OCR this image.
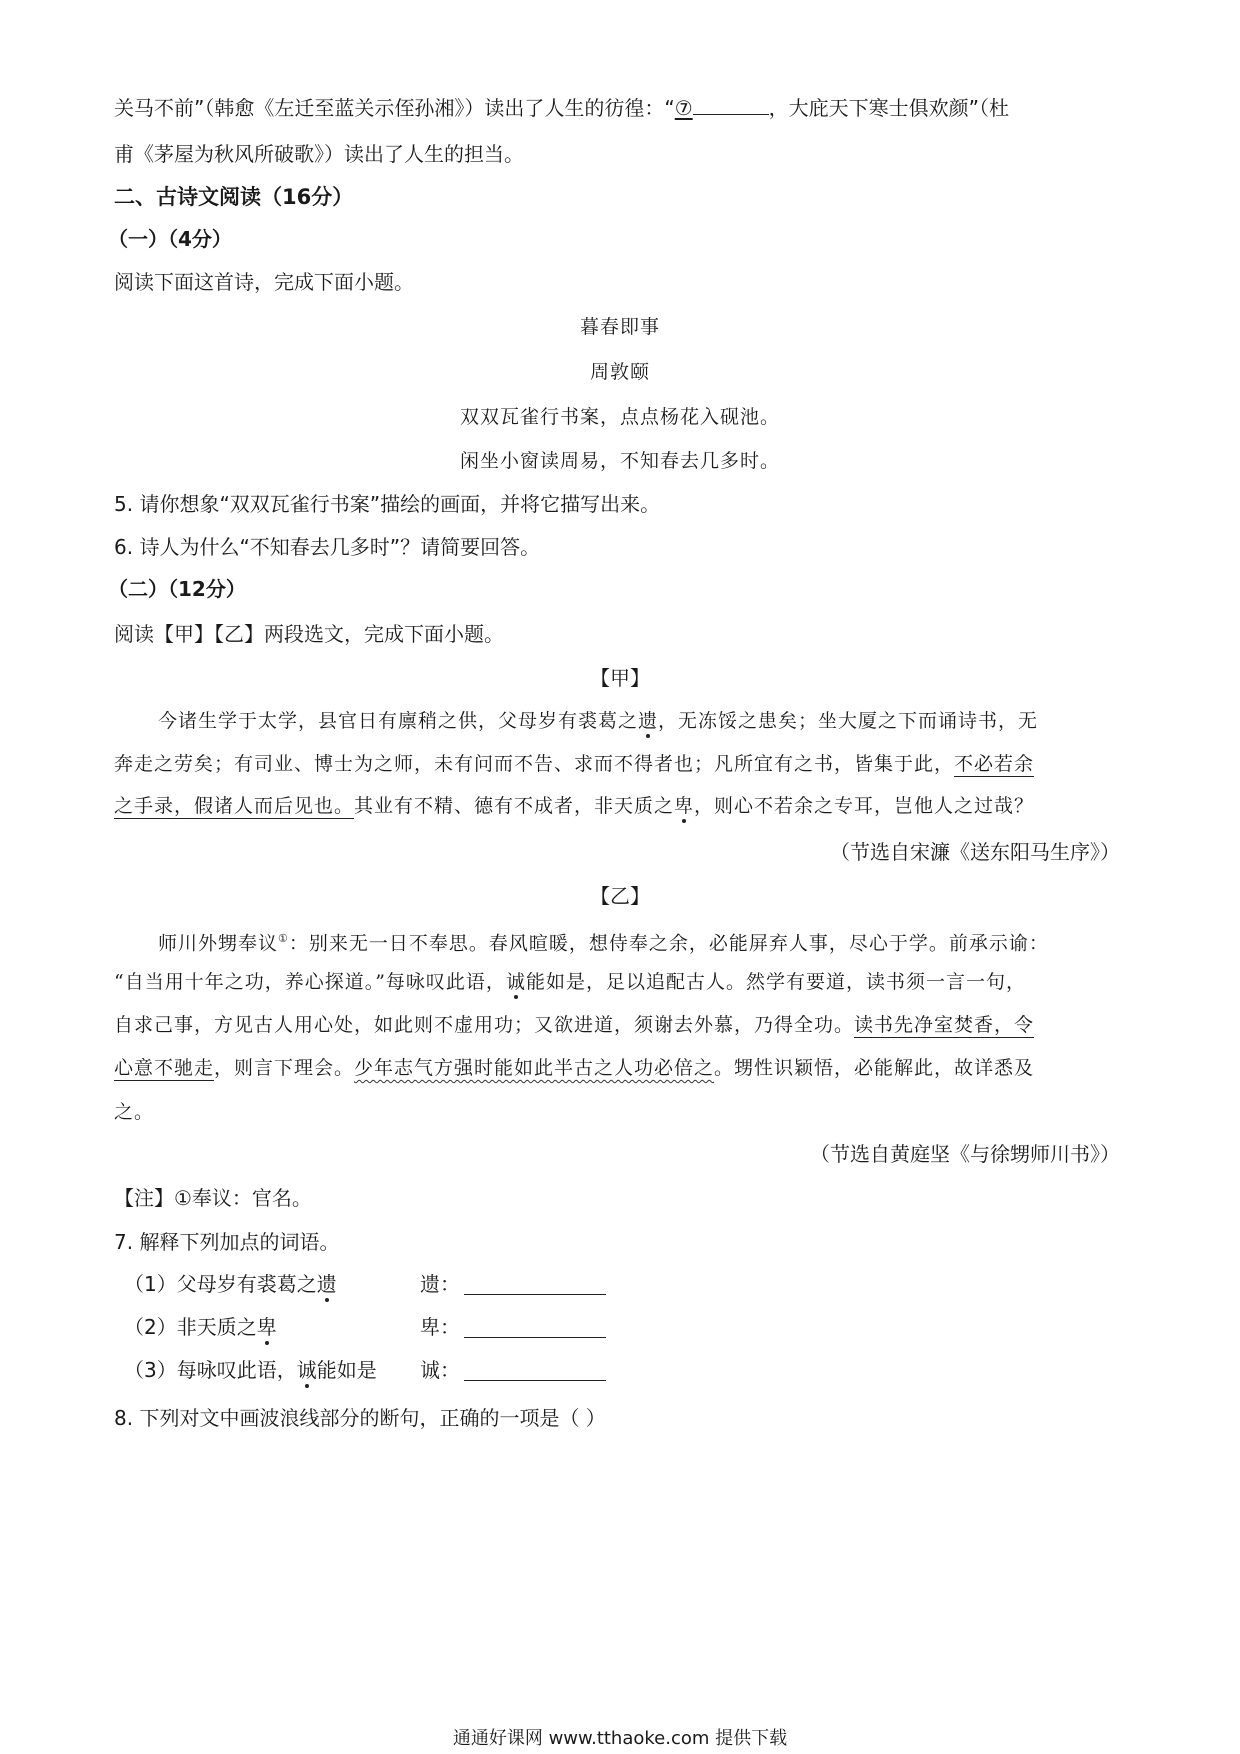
关马不前”（韩愈《左迁至蓝关示侄孙湘》）读出了人生的彷徨：“⑦	，大庇天下寒士俱欢颜”（杜
甫《茅屋为秋风所破歌》）读出了人生的担当。
二、古诗文阅读（16分）
（一）（4分）
阅读下面这首诗，完成下面小题。
暮春即事
周敦颐
双双瓦雀行书案，点点杨花入砚池。
闲坐小窗读周易，不知春去几多时。
5. 请你想象“双双瓦雀行书案”描绘的画面，并将它描写出来。
6. 诗人为什么“不知春去几多时”？请简要回答。
（二）（12分）
阅读【甲】【乙】两段选文，完成下面小题。
【甲】
今诸生学于太学，县官日有廪稍之供，父母岁有裘葛之遗，无冻馁之患矣；坐大厦之下而诵诗书，无
奔走之劳矣；有司业、博士为之师，未有问而不告、求而不得者也；凡所宜有之书，皆集于此，不必若余
之手录，假诸人而后见也。其业有不精、德有不成者，非天质之卑，则心不若余之专耳，岂他人之过哉？
（节选自宋濂《送东阳马生序》）
【乙】
师川外甥奉议①：别来无一日不奉思。春风暄暖，想侍奉之余，必能屏弃人事，尽心于学。前承示谕：
“自当用十年之功，养心探道。”每咏叹此语，诚能如是，足以追配古人。然学有要道，读书须一言一句，
自求己事，方见古人用心处，如此则不虚用功；又欲进道，须谢去外慕，乃得全功。读书先净室焚香，令
心意不驰走，则言下理会。少年志气方强时能如此半古之人功必倍之。甥性识颖悟，必能解此，故详悉及
之。
（节选自黄庭坚《与徐甥师川书》）
【注】①奉议：官名。
7. 解释下列加点的词语。
（1）父母岁有裘葛之遗	遗：
（2）非天质之卑	卑：
（3）每咏叹此语，诚能如是 诚：
8. 下列对文中画波浪线部分的断句，正确的一项是（ ）
通通好课网 www.tthaoke.com 提供下载
